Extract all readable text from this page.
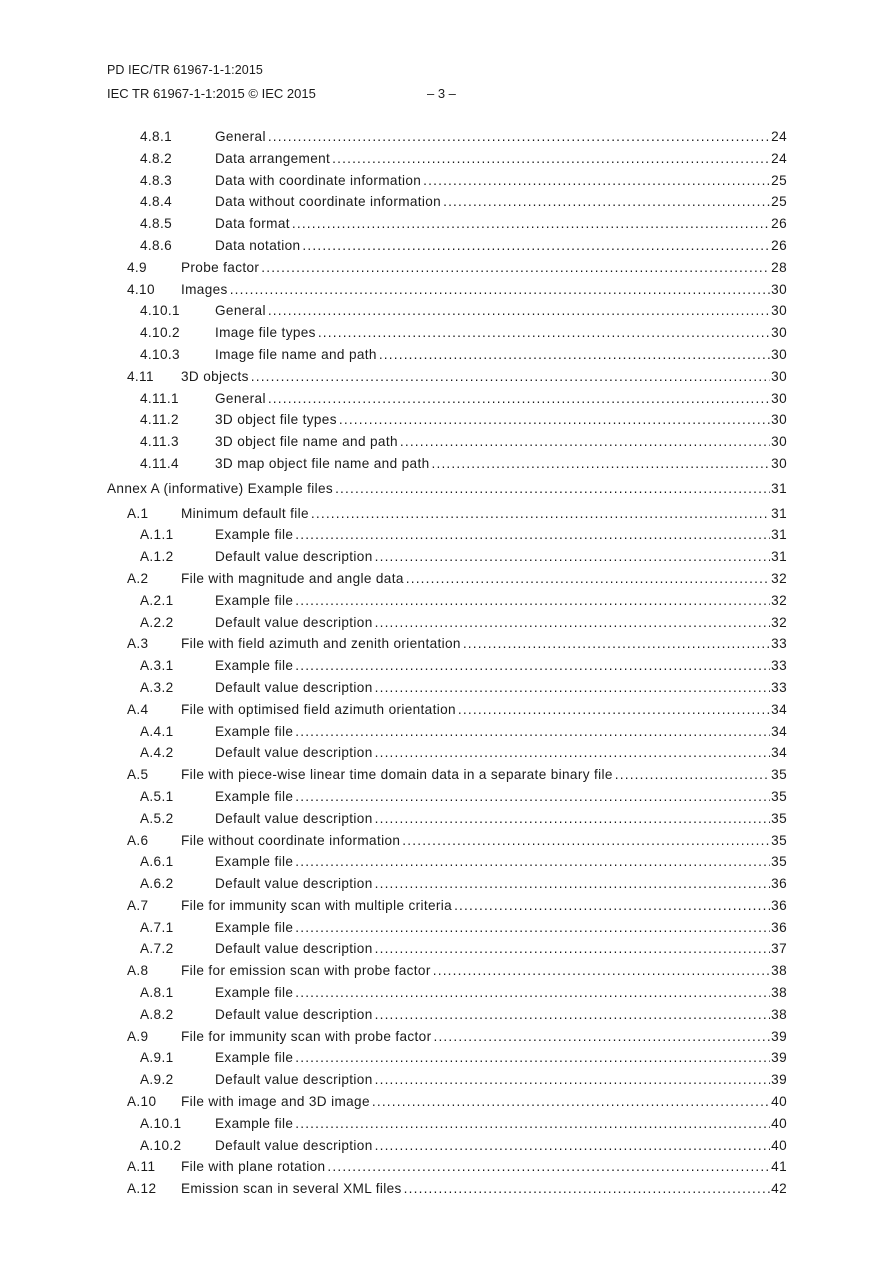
PD IEC/TR 61967-1-1:2015
IEC TR 61967-1-1:2015 © IEC 2015	– 3 –
4.8.1	General .....	24
4.8.2	Data arrangement .....	24
4.8.3	Data with coordinate information .....	25
4.8.4	Data without coordinate information .....	25
4.8.5	Data format .....	26
4.8.6	Data notation .....	26
4.9	Probe factor .....	28
4.10 Images .....	30
4.10.1	General .....	30
4.10.2	Image file types .....	30
4.10.3	Image file name and path .....	30
4.11 3D objects .....	30
4.11.1	General .....	30
4.11.2	3D object file types .....	30
4.11.3	3D object file name and path .....	30
4.11.4	3D map object file name and path .....	30
Annex A (informative) Example files .....	31
A.1 Minimum default file .....	31
A.1.1	Example file .....	31
A.1.2	Default value description .....	31
A.2 File with magnitude and angle data .....	32
A.2.1	Example file .....	32
A.2.2	Default value description .....	32
A.3 File with field azimuth and zenith orientation .....	33
A.3.1	Example file .....	33
A.3.2	Default value description .....	33
A.4 File with optimised field azimuth orientation .....	34
A.4.1	Example file .....	34
A.4.2	Default value description .....	34
A.5 File with piece-wise linear time domain data in a separate binary file .....	35
A.5.1	Example file .....	35
A.5.2	Default value description .....	35
A.6 File without coordinate information .....	35
A.6.1	Example file .....	35
A.6.2	Default value description .....	36
A.7 File for immunity scan with multiple criteria .....	36
A.7.1	Example file .....	36
A.7.2	Default value description .....	37
A.8 File for emission scan with probe factor .....	38
A.8.1	Example file .....	38
A.8.2	Default value description .....	38
A.9 File for immunity scan with probe factor .....	39
A.9.1	Example file .....	39
A.9.2	Default value description .....	39
A.10 File with image and 3D image .....	40
A.10.1 Example file .....	40
A.10.2 Default value description .....	40
A.11 File with plane rotation .....	41
A.12 Emission scan in several XML files .....	42
